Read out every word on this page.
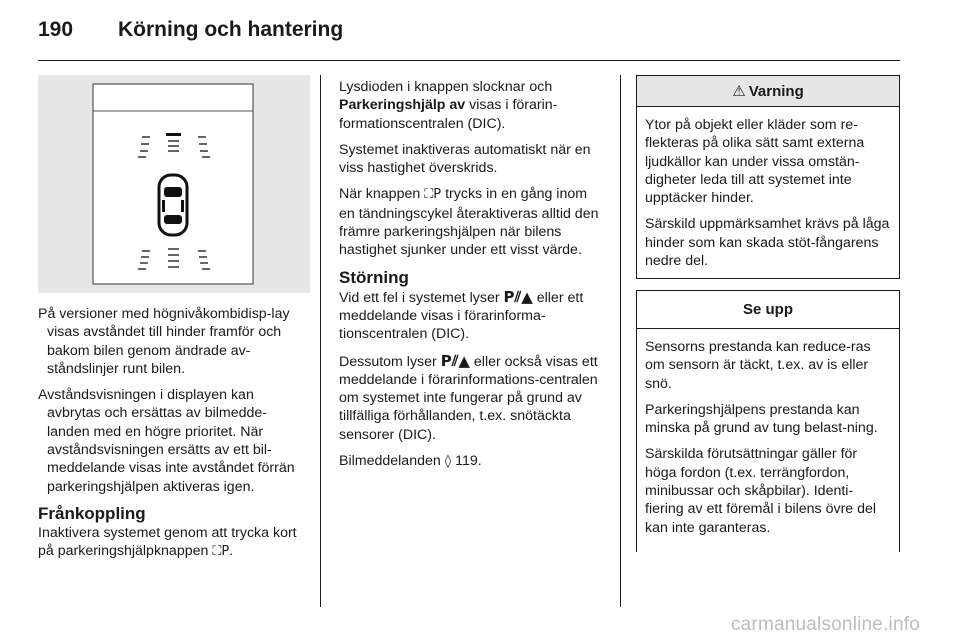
190	Körning och hantering

På versioner med högnivåkombidisp-lay visas avståndet till hinder framför och bakom bilen genom ändrade av-ståndslinjer runt bilen.

Avståndsvisningen i displayen kan avbrytas och ersättas av bilmedde-landen med en högre prioritet. När avståndsvisningen ersätts av ett bil-meddelande visas inte avståndet förrän parkeringshjälpen aktiveras igen.

Frånkoppling

Inaktivera systemet genom att trycka kort på parkeringshjälpknappen ⛶P.

Lysdioden i knappen slocknar och Parkeringshjälp av visas i förarin-formationscentralen (DIC).

Systemet inaktiveras automatiskt när en viss hastighet överskrids.

När knappen ⛶P trycks in en gång inom en tändningscykel återaktiveras alltid den främre parkeringshjälpen när bilens hastighet sjunker under ett visst värde.

Störning

Vid ett fel i systemet lyser P⫽▲ eller ett meddelande visas i förarinforma-tionscentralen (DIC).

Dessutom lyser P⫽▲ eller också visas ett meddelande i förarinformations-centralen om systemet inte fungerar på grund av tillfälliga förhållanden, t.ex. snötäckta sensorer (DIC).

Bilmeddelanden ◊ 119.

⚠ Varning

Ytor på objekt eller kläder som re-flekteras på olika sätt samt externa ljudkällor kan under vissa omstän-digheter leda till att systemet inte upptäcker hinder.

Särskild uppmärksamhet krävs på låga hinder som kan skada stöt-fångarens nedre del.

Se upp

Sensorns prestanda kan reduce-ras om sensorn är täckt, t.ex. av is eller snö.

Parkeringshjälpens prestanda kan minska på grund av tung belast-ning.

Särskilda förutsättningar gäller för höga fordon (t.ex. terrängfordon, minibussar och skåpbilar). Identi-fiering av ett föremål i bilens övre del kan inte garanteras.

carmanualsonline.info
